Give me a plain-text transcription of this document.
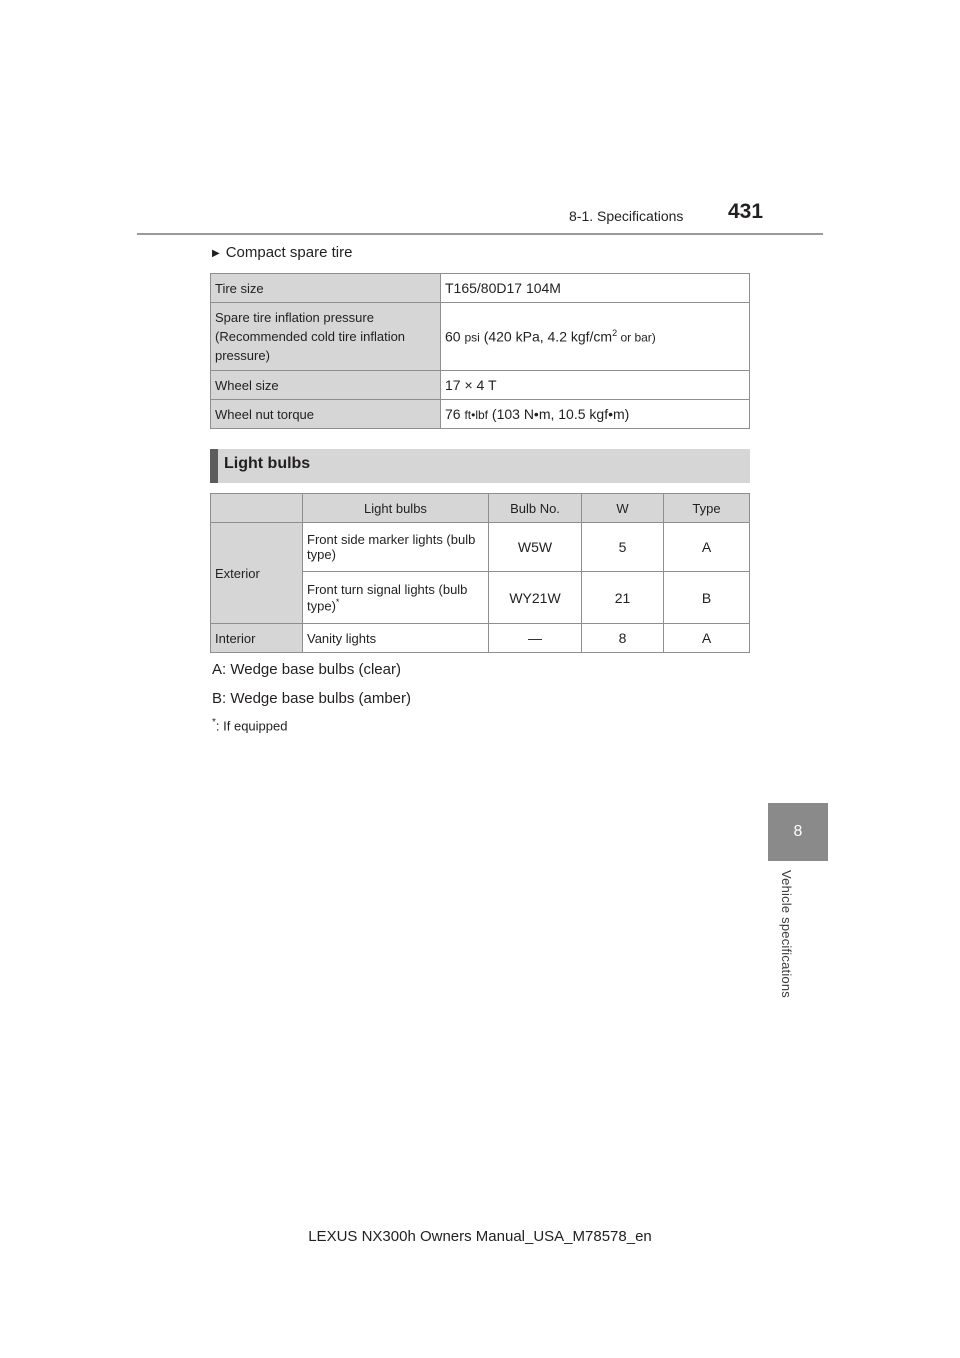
8-1. Specifications 431
8
Vehicle specifications
▶ Compact spare tire
Tire size	T165/80D17 104M
Spare tire inflation pressure (Recommended cold tire inflation pressure)	60 psi (420 kPa, 4.2 kgf/$cm^2$ or bar)
Wheel size	17 × 4 T
Wheel nut torque	76 ft•lbf (103 N•m, 10.5 kgf•m)
Light bulbs
	Light bulbs	Bulb No.	W	Type
Exterior	Front side marker lights (bulb type)	W5W	5	A
	Front turn signal lights (bulb type)*	WY21W	21	B
Interior	Vanity lights	—	8	A
A: Wedge base bulbs (clear)
B: Wedge base bulbs (amber)
*: If equipped
LEXUS NX300h Owners Manual_USA_M78578_en
